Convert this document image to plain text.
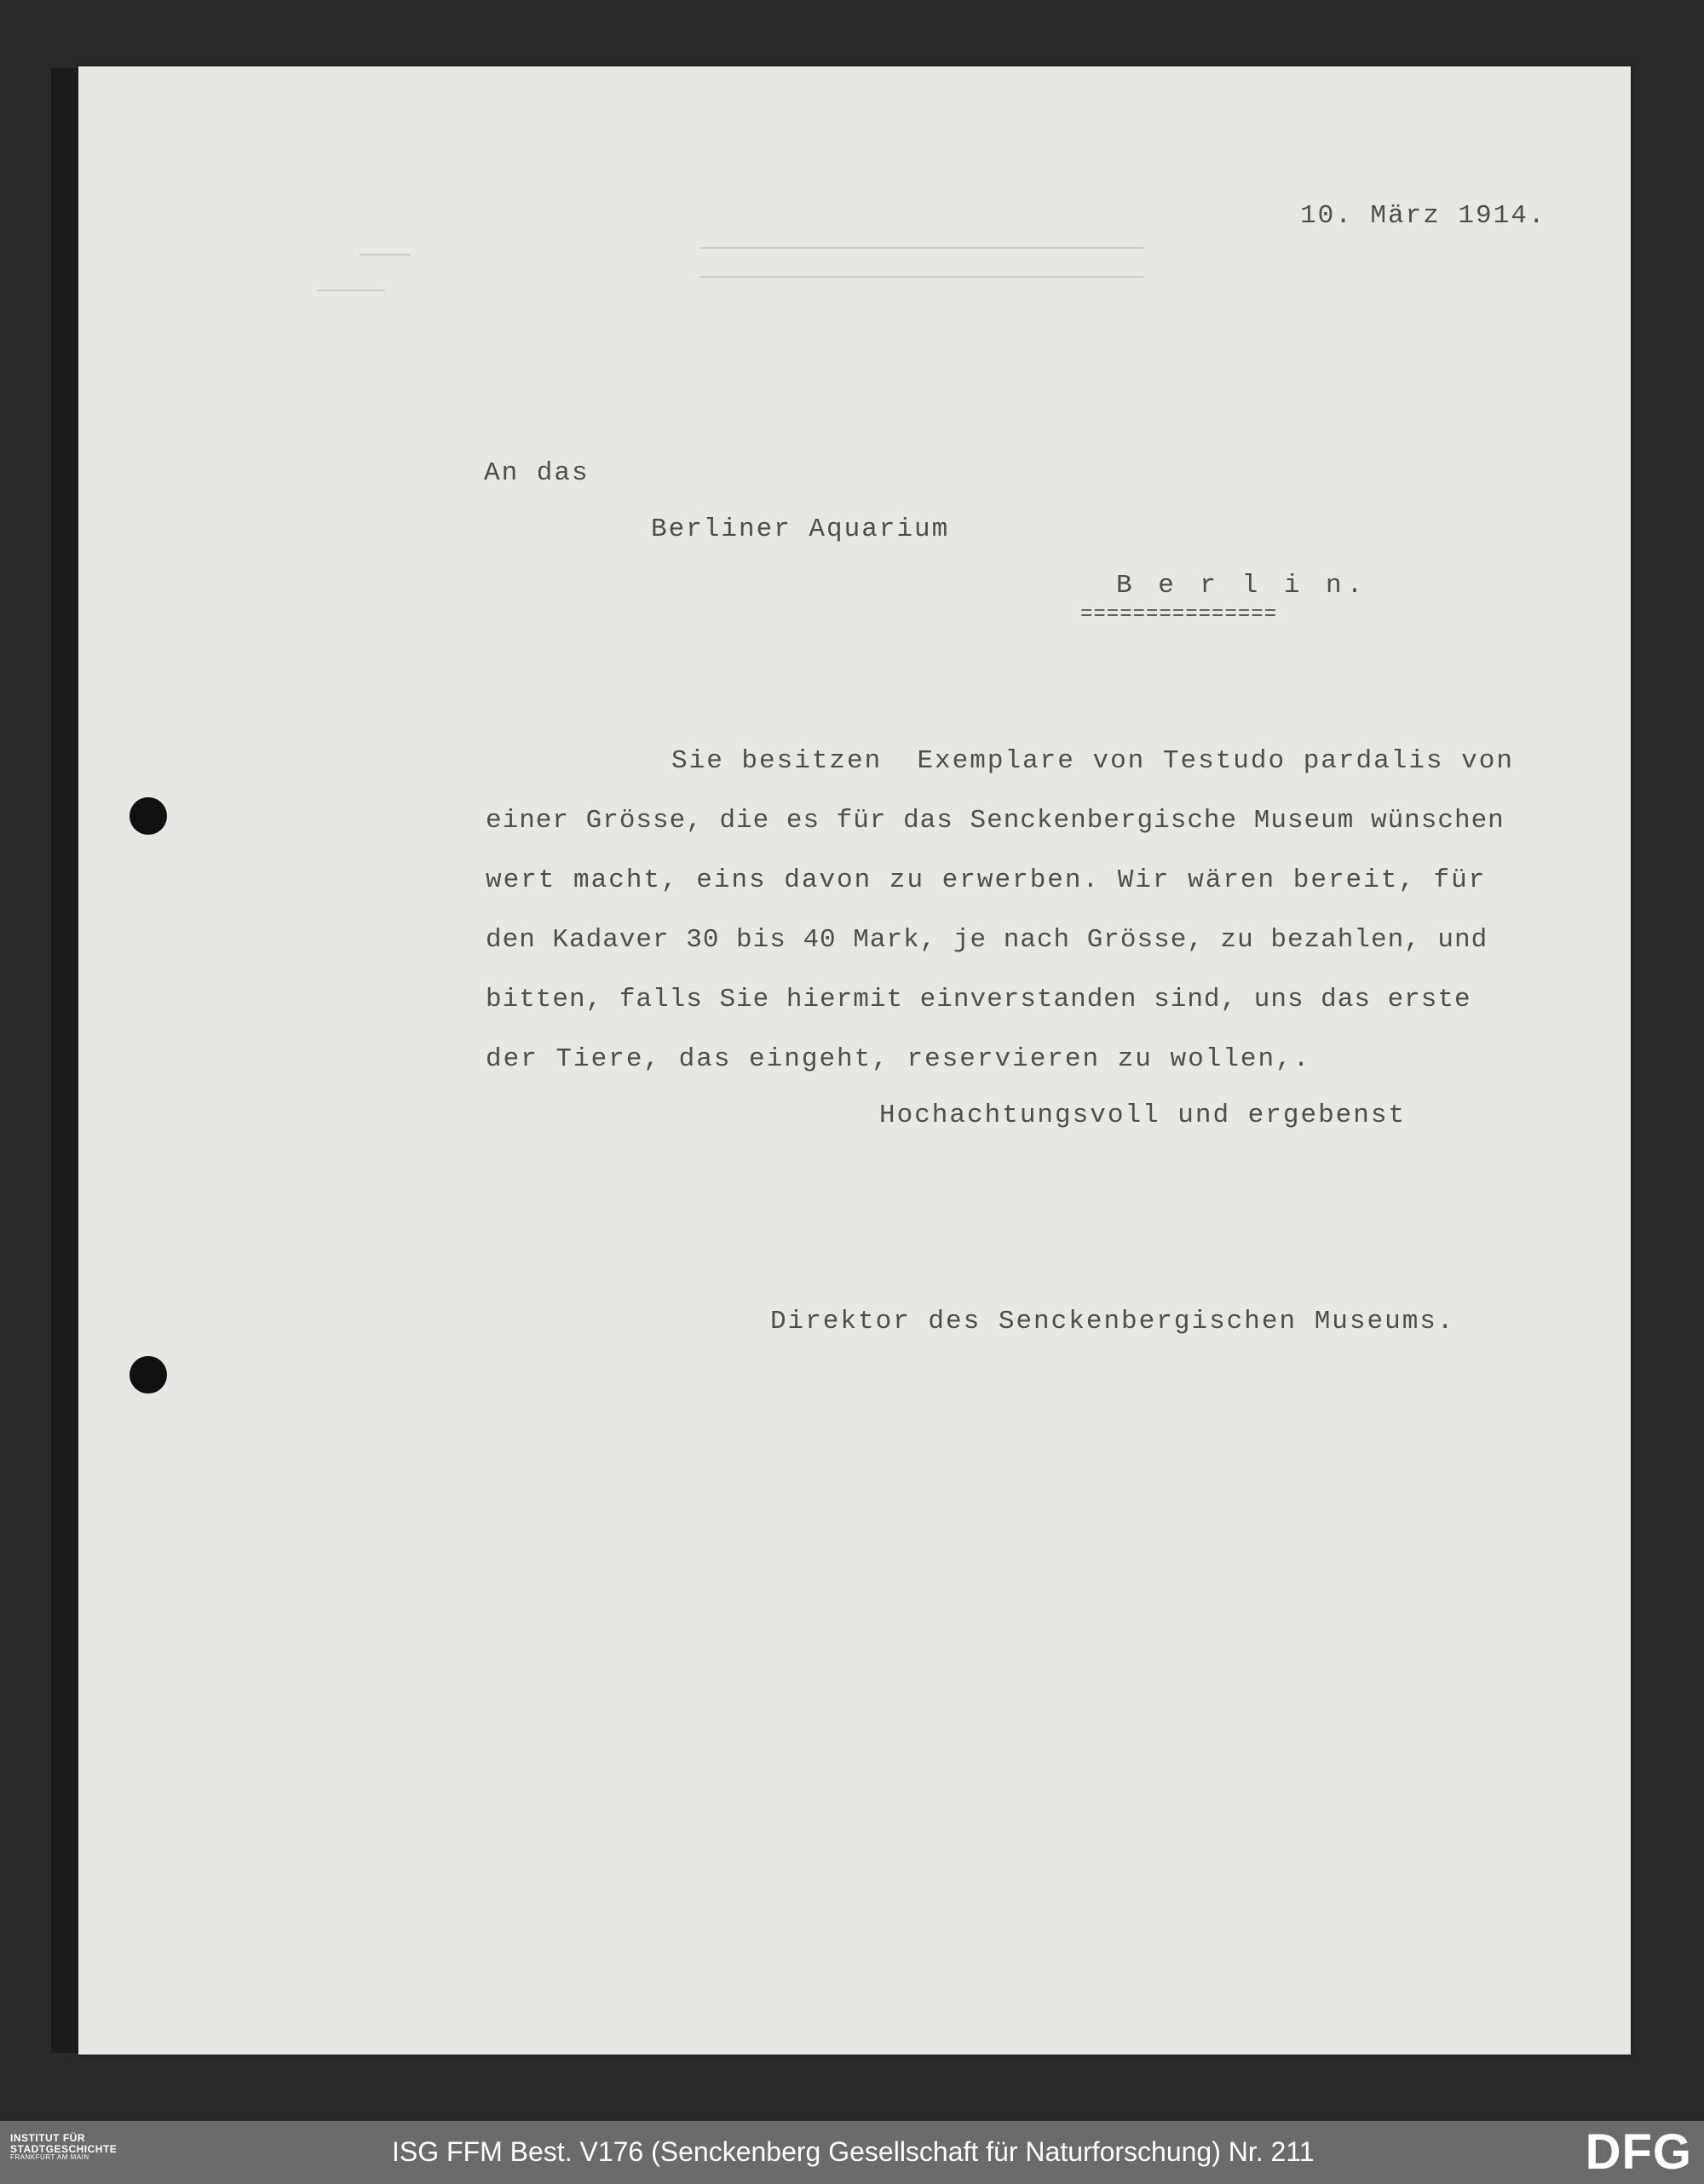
10. März 1914.
An das
Berliner Aquarium
B e r l i n.
===============
Sie besitzen  Exemplare von Testudo pardalis von
einer Grösse, die es für das Senckenbergische Museum wünschen
wert macht, eins davon zu erwerben. Wir wären bereit, für
den Kadaver 30 bis 40 Mark, je nach Grösse, zu bezahlen, und
bitten, falls Sie hiermit einverstanden sind, uns das erste
der Tiere, das eingeht, reservieren zu wollen,.
Hochachtungsvoll und ergebenst
Direktor des Senckenbergischen Museums.
INSTITUT FÜR
STADTGESCHICHTE
FRANKFURT AM MAIN	ISG FFM Best. V176 (Senckenberg Gesellschaft für Naturforschung) Nr. 211	DFG
